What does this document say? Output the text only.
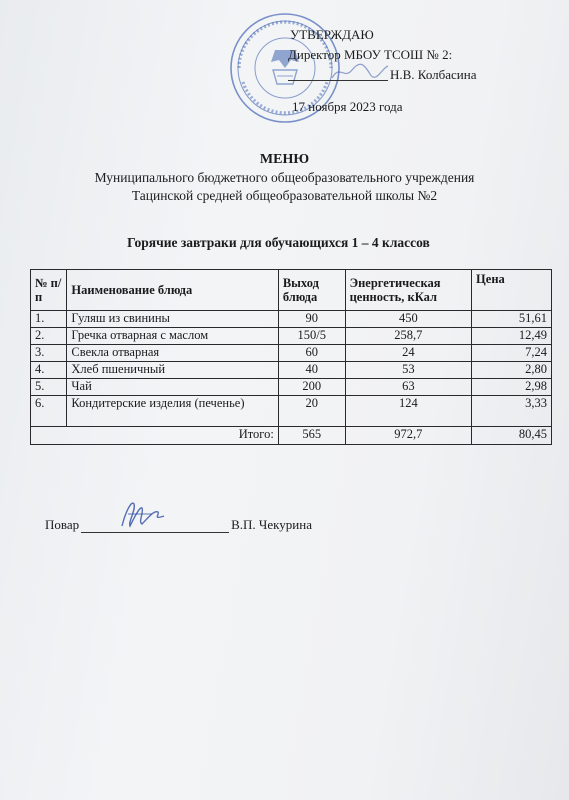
УТВЕРЖДАЮ
Директор МБОУ ТСОШ № 2:
Н.В. Колбасина
17 ноября 2023 года
МЕНЮ
Муниципального бюджетного общеобразовательного учреждения
Тацинской средней общеобразовательной школы №2
Горячие завтраки для обучающихся 1 – 4 классов
№ п/п	Наименование блюда	Выход блюда	Энергетическая ценность, кКал	Цена
1.	Гуляш из свинины	90	450	51,61
2.	Гречка отварная с маслом	150/5	258,7	12,49
3.	Свекла отварная	60	24	7,24
4.	Хлеб пшеничный	40	53	2,80
5.	Чай	200	63	2,98
6.	Кондитерские изделия (печенье)	20	124	3,33
Итого:		565	972,7	80,45
Повар	В.П. Чекурина
